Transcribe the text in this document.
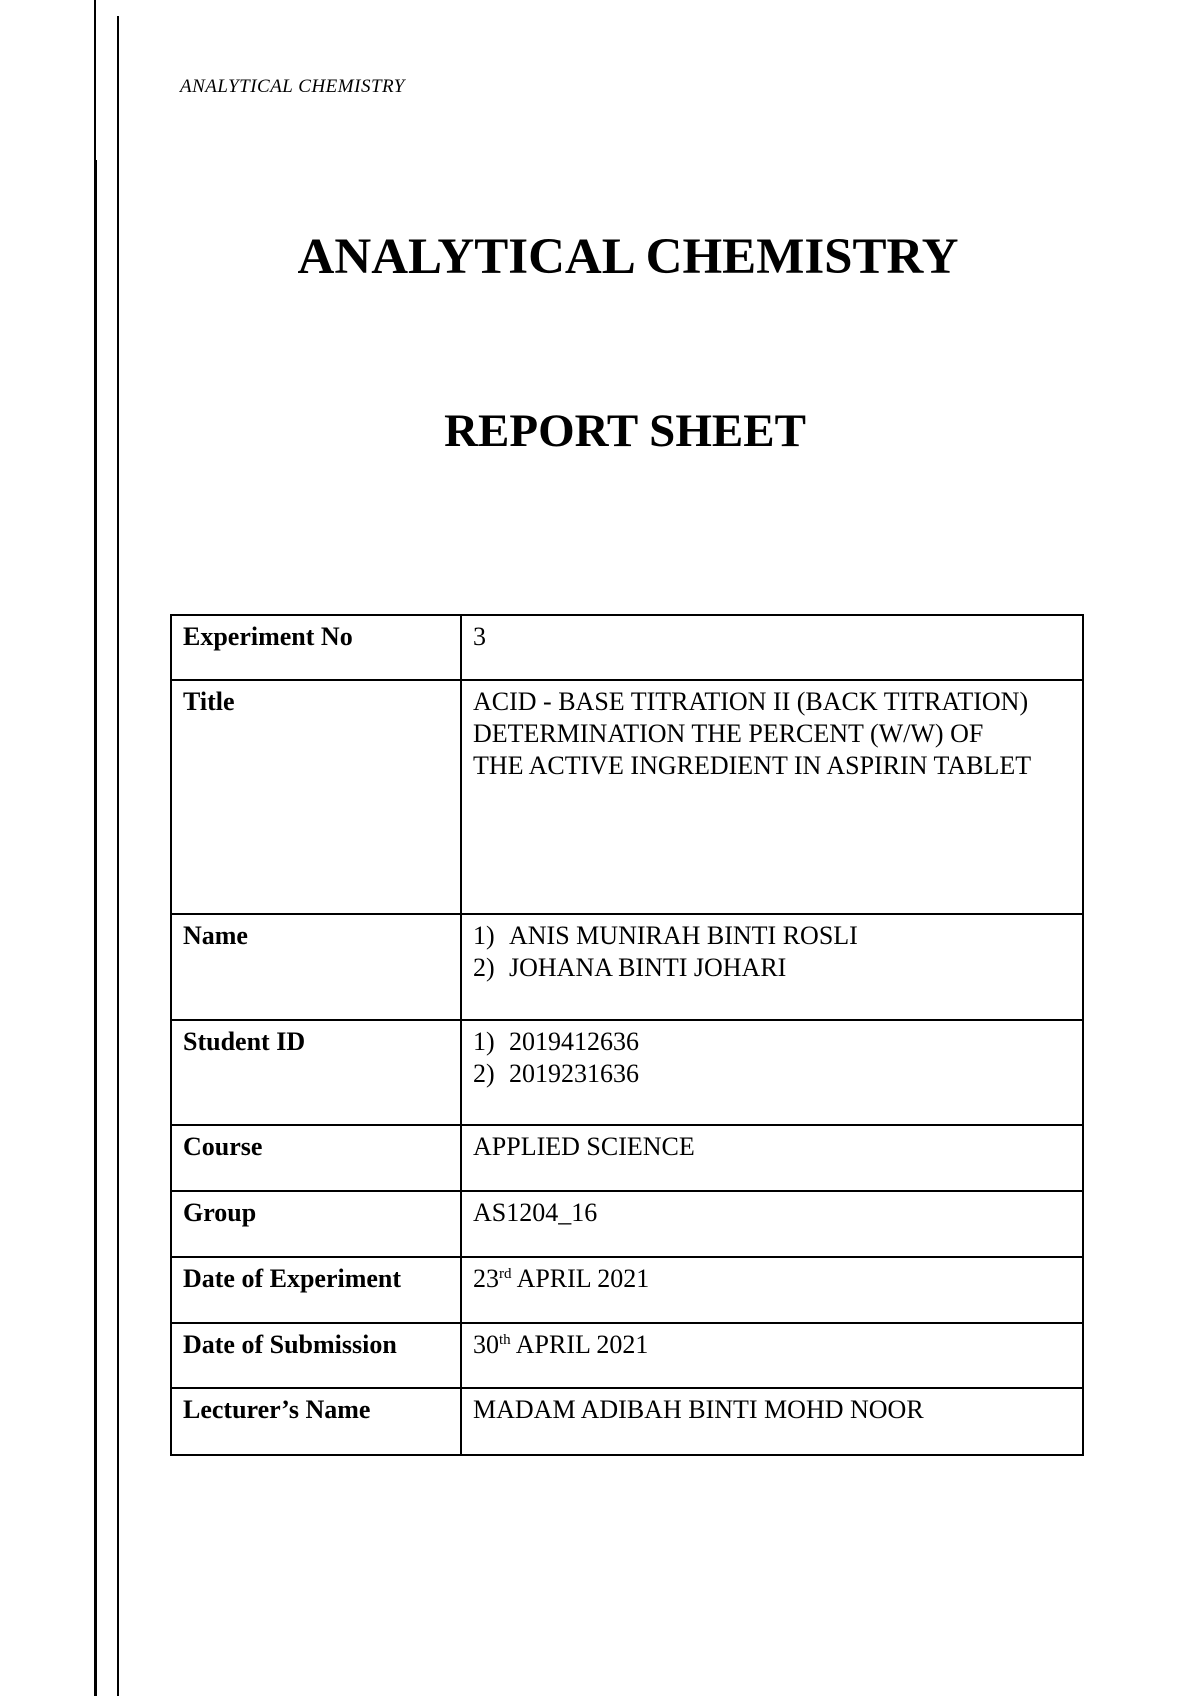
ANALYTICAL CHEMISTRY
ANALYTICAL CHEMISTRY
REPORT SHEET
Experiment No	3
Title	ACID - BASE TITRATION II (BACK TITRATION)
DETERMINATION THE PERCENT (W/W) OF
THE ACTIVE INGREDIENT IN ASPIRIN TABLET

Name	1) ANIS MUNIRAH BINTI ROSLI
2) JOHANA BINTI JOHARI

Student ID	1) 2019412636
2) 2019231636

Course	APPLIED SCIENCE
Group	AS1204_16
Date of Experiment	23rd APRIL 2021
Date of Submission	30th APRIL 2021
Lecturer’s Name	MADAM ADIBAH BINTI MOHD NOOR
